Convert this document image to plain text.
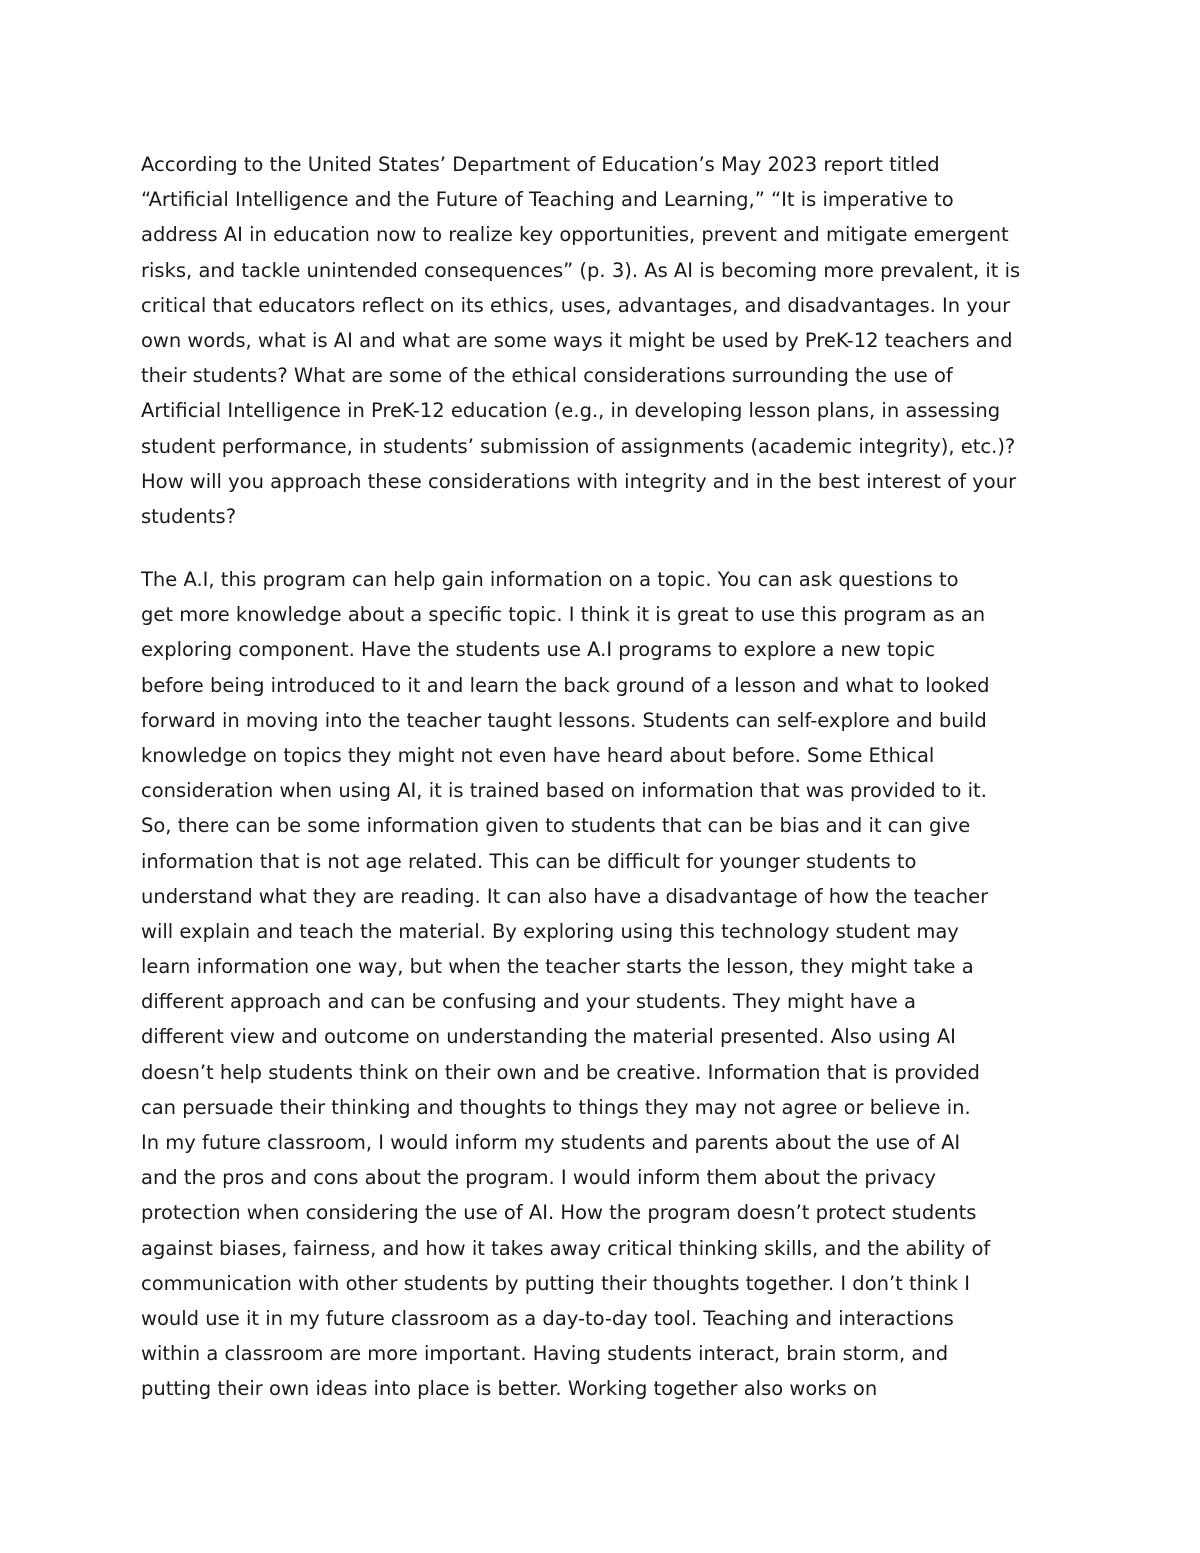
According to the United States’ Department of Education’s May 2023 report titled
“Artificial Intelligence and the Future of Teaching and Learning,” “It is imperative to
address AI in education now to realize key opportunities, prevent and mitigate emergent
risks, and tackle unintended consequences” (p. 3). As AI is becoming more prevalent, it is
critical that educators reflect on its ethics, uses, advantages, and disadvantages. In your
own words, what is AI and what are some ways it might be used by PreK-12 teachers and
their students? What are some of the ethical considerations surrounding the use of
Artificial Intelligence in PreK-12 education (e.g., in developing lesson plans, in assessing
student performance, in students’ submission of assignments (academic integrity), etc.)?
How will you approach these considerations with integrity and in the best interest of your
students?
The A.I, this program can help gain information on a topic. You can ask questions to
get more knowledge about a specific topic. I think it is great to use this program as an
exploring component. Have the students use A.I programs to explore a new topic
before being introduced to it and learn the back ground of a lesson and what to looked
forward in moving into the teacher taught lessons. Students can self-explore and build
knowledge on topics they might not even have heard about before. Some Ethical
consideration when using AI, it is trained based on information that was provided to it.
So, there can be some information given to students that can be bias and it can give
information that is not age related. This can be difficult for younger students to
understand what they are reading. It can also have a disadvantage of how the teacher
will explain and teach the material. By exploring using this technology student may
learn information one way, but when the teacher starts the lesson, they might take a
different approach and can be confusing and your students. They might have a
different view and outcome on understanding the material presented. Also using AI
doesn’t help students think on their own and be creative. Information that is provided
can persuade their thinking and thoughts to things they may not agree or believe in.
In my future classroom, I would inform my students and parents about the use of AI
and the pros and cons about the program. I would inform them about the privacy
protection when considering the use of AI. How the program doesn’t protect students
against biases, fairness, and how it takes away critical thinking skills, and the ability of
communication with other students by putting their thoughts together. I don’t think I
would use it in my future classroom as a day-to-day tool. Teaching and interactions
within a classroom are more important. Having students interact, brain storm, and
putting their own ideas into place is better. Working together also works on
